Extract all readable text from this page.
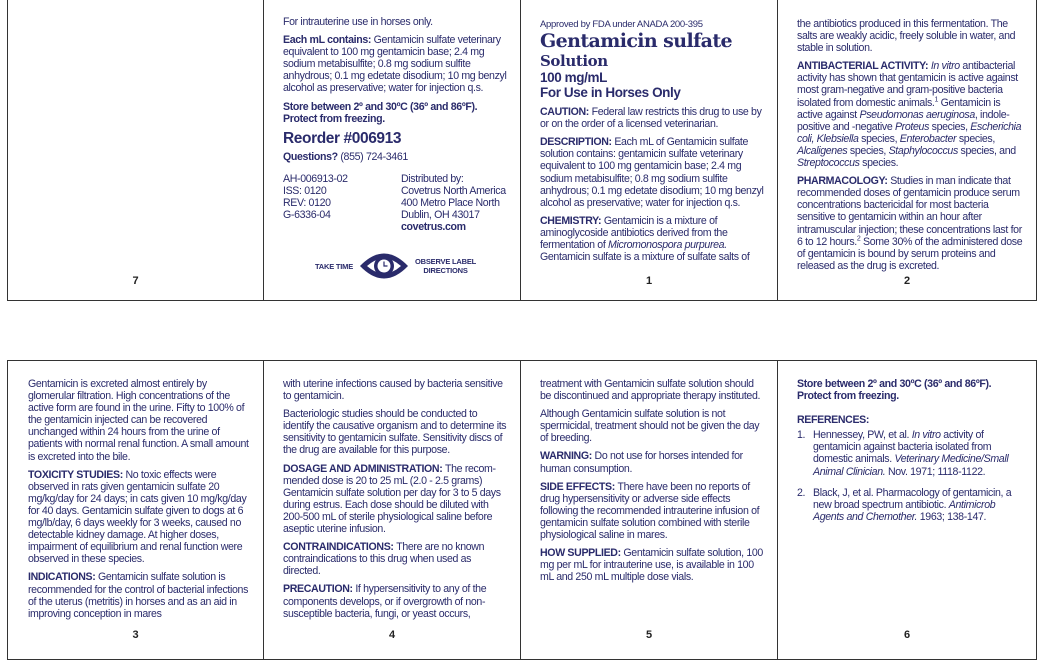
7
For intrauterine use in horses only.
Each mL contains: Gentamicin sulfate veterinary equivalent to 100 mg gentamicin base; 2.4 mg sodium metabisulfite; 0.8 mg sodium sulfite anhydrous; 0.1 mg edetate disodium; 10 mg benzyl alcohol as preservative; water for injection q.s.
Store between 2º and 30ºC (36º and 86ºF). Protect from freezing.
Reorder #006913
Questions? (855) 724-3461
AH-006913-02
ISS: 0120
REV: 0120
G-6336-04
Distributed by:
Covetrus North America
400 Metro Place North
Dublin, OH 43017
covetrus.com
TAKE TIME	OBSERVE LABEL
DIRECTIONS
Approved by FDA under ANADA 200-395
Gentamicin sulfate
Solution
100 mg/mL
For Use in Horses Only
CAUTION: Federal law restricts this drug to use by or on the order of a licensed veterinarian.
DESCRIPTION: Each mL of Gentamicin sulfate solution contains: gentamicin sulfate veterinary equivalent to 100 mg gentamicin base; 2.4 mg sodium metabisulfite; 0.8 mg sodium sulfite anhydrous; 0.1 mg edetate disodium; 10 mg benzyl alcohol as preservative; water for injection q.s.
CHEMISTRY: Gentamicin is a mixture of aminoglycoside antibiotics derived from the fermentation of Micromonospora purpurea. Gentamicin sulfate is a mixture of sulfate salts of
1
the antibiotics produced in this fermentation. The salts are weakly acidic, freely soluble in water, and stable in solution.
ANTIBACTERIAL ACTIVITY: In vitro antibacterial activity has shown that gentamicin is active against most gram-negative and gram-positive bacteria isolated from domestic animals.$^1$ Gentamicin is active against Pseudomonas aeruginosa, indole-positive and -negative Proteus species, Escherichia coli, Klebsiella species, Enterobacter species, Alcaligenes species, Staphylococcus species, and Streptococcus species.
PHARMACOLOGY: Studies in man indicate that recommended doses of gentamicin produce serum concentrations bactericidal for most bacteria sensitive to gentamicin within an hour after intramuscular injection; these concentrations last for 6 to 12 hours.$^2$ Some 30% of the administered dose of gentamicin is bound by serum proteins and released as the drug is excreted.
2
Gentamicin is excreted almost entirely by glomerular filtration. High concentrations of the active form are found in the urine. Fifty to 100% of the gentamicin injected can be recovered unchanged within 24 hours from the urine of patients with normal renal function. A small amount is excreted into the bile.
TOXICITY STUDIES: No toxic effects were observed in rats given gentamicin sulfate 20 mg/kg/day for 24 days; in cats given 10 mg/kg/day for 40 days. Gentamicin sulfate given to dogs at 6 mg/lb/day, 6 days weekly for 3 weeks, caused no detectable kidney damage. At higher doses, impairment of equilibrium and renal function were observed in these species.
INDICATIONS: Gentamicin sulfate solution is recommended for the control of bacterial infections of the uterus (metritis) in horses and as an aid in improving conception in mares
3
with uterine infections caused by bacteria sensitive to gentamicin.
Bacteriologic studies should be conducted to identify the causative organism and to determine its sensitivity to gentamicin sulfate. Sensitivity discs of the drug are available for this purpose.
DOSAGE AND ADMINISTRATION: The recommended dose is 20 to 25 mL (2.0 - 2.5 grams) Gentamicin sulfate solution per day for 3 to 5 days during estrus. Each dose should be diluted with 200-500 mL of sterile physiological saline before aseptic uterine infusion.
CONTRAINDICATIONS: There are no known contraindications to this drug when used as directed.
PRECAUTION: If hypersensitivity to any of the components develops, or if overgrowth of non-susceptible bacteria, fungi, or yeast occurs,
4
treatment with Gentamicin sulfate solution should be discontinued and appropriate therapy instituted.
Although Gentamicin sulfate solution is not spermicidal, treatment should not be given the day of breeding.
WARNING: Do not use for horses intended for human consumption.
SIDE EFFECTS: There have been no reports of drug hypersensitivity or adverse side effects following the recommended intrauterine infusion of gentamicin sulfate solution combined with sterile physiological saline in mares.
HOW SUPPLIED: Gentamicin sulfate solution, 100 mg per mL for intrauterine use, is available in 100 mL and 250 mL multiple dose vials.
5
Store between 2º and 30ºC (36º and 86ºF). Protect from freezing.
REFERENCES:
1. Hennessey, PW, et al. In vitro activity of gentamicin against bacteria isolated from domestic animals. Veterinary Medicine/Small Animal Clinician. Nov. 1971; 1118-1122.
2. Black, J, et al. Pharmacology of gentamicin, a new broad spectrum antibiotic. Antimicrob Agents and Chemother. 1963; 138-147.
6
